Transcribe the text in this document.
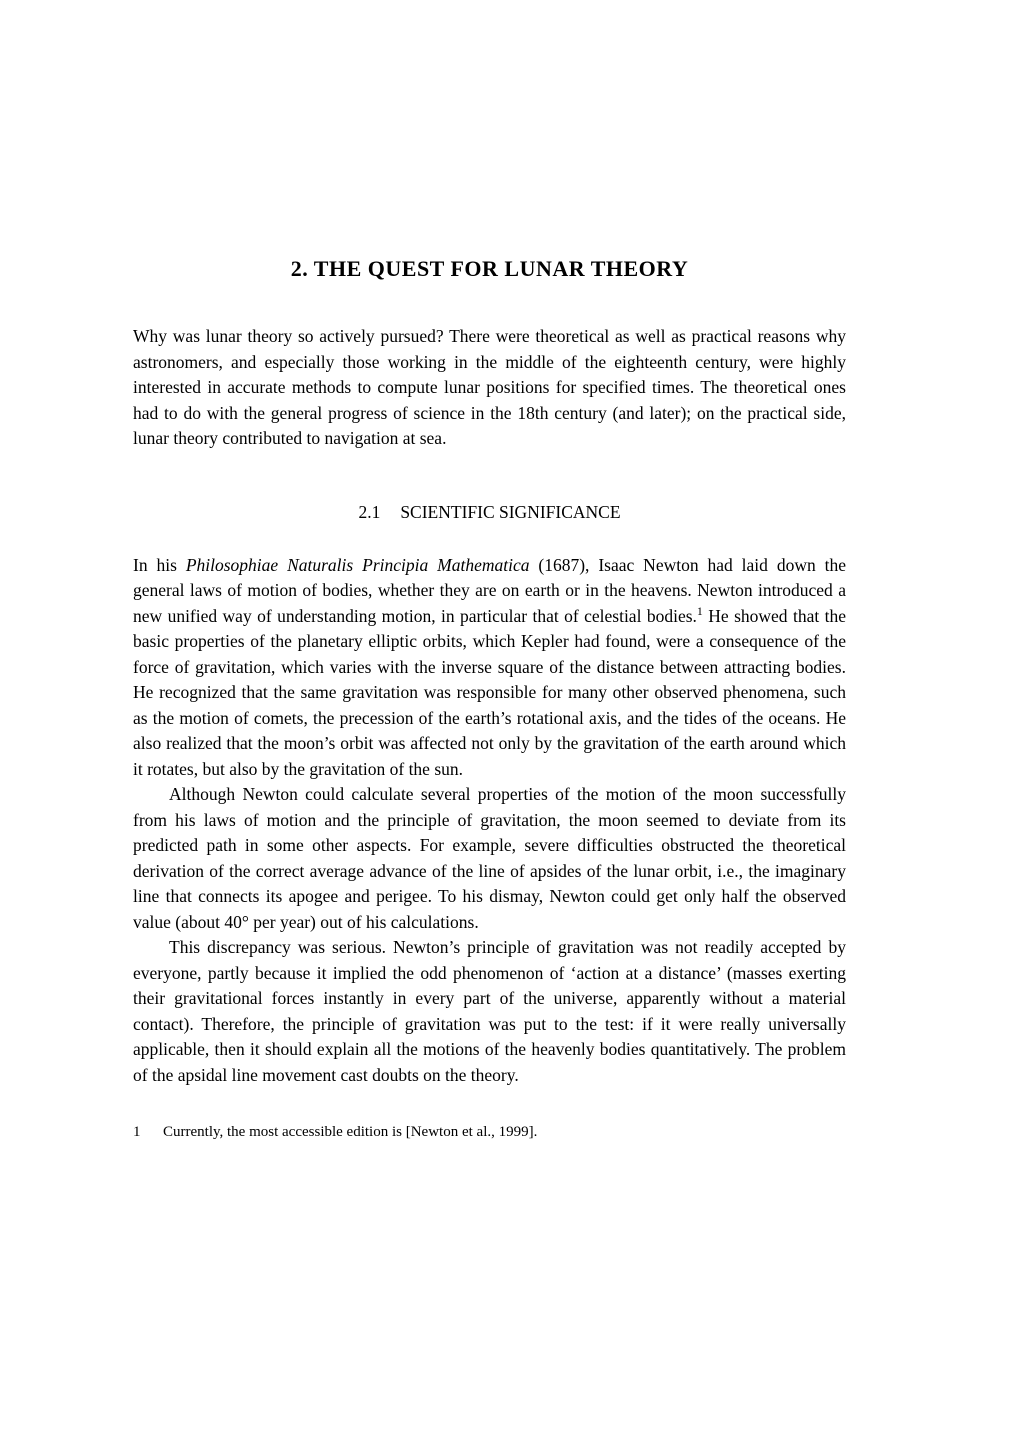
2. THE QUEST FOR LUNAR THEORY

Why was lunar theory so actively pursued? There were theoretical as well as practical reasons why astronomers, and especially those working in the middle of the eighteenth century, were highly interested in accurate methods to compute lunar positions for specified times. The theoretical ones had to do with the general progress of science in the 18th century (and later); on the practical side, lunar theory contributed to navigation at sea.

2.1 SCIENTIFIC SIGNIFICANCE

In his Philosophiae Naturalis Principia Mathematica (1687), Isaac Newton had laid down the general laws of motion of bodies, whether they are on earth or in the heavens. Newton introduced a new unified way of understanding motion, in particular that of celestial bodies.$^1$ He showed that the basic properties of the planetary elliptic orbits, which Kepler had found, were a consequence of the force of gravitation, which varies with the inverse square of the distance between attracting bodies. He recognized that the same gravitation was responsible for many other observed phenomena, such as the motion of comets, the precession of the earth’s rotational axis, and the tides of the oceans. He also realized that the moon’s orbit was affected not only by the gravitation of the earth around which it rotates, but also by the gravitation of the sun.

Although Newton could calculate several properties of the motion of the moon successfully from his laws of motion and the principle of gravitation, the moon seemed to deviate from its predicted path in some other aspects. For example, severe difficulties obstructed the theoretical derivation of the correct average advance of the line of apsides of the lunar orbit, i.e., the imaginary line that connects its apogee and perigee. To his dismay, Newton could get only half the observed value (about 40° per year) out of his calculations.

This discrepancy was serious. Newton’s principle of gravitation was not readily accepted by everyone, partly because it implied the odd phenomenon of ‘action at a distance’ (masses exerting their gravitational forces instantly in every part of the universe, apparently without a material contact). Therefore, the principle of gravitation was put to the test: if it were really universally applicable, then it should explain all the motions of the heavenly bodies quantitatively. The problem of the apsidal line movement cast doubts on the theory.

1	Currently, the most accessible edition is [Newton et al., 1999].
